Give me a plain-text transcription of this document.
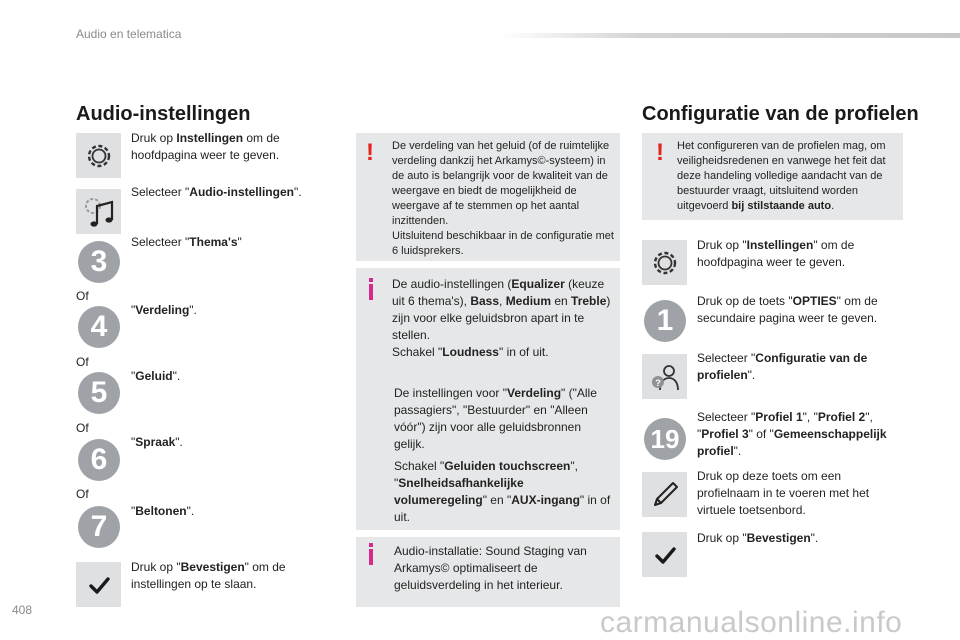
Audio en telematica
Audio-instellingen
Druk op Instellingen om de hoofdpagina weer te geven.
Selecteer "Audio-instellingen".
3
Selecteer "Thema's"
Of
4	"Verdeling".
Of
5	"Geluid".
Of
6
"Spraak".
Of
7	"Beltonen".
Druk op "Bevestigen" om de instellingen op te slaan.
! De verdeling van het geluid (of de ruimtelijke verdeling dankzij het Arkamys©-systeem) in de auto is belangrijk voor de kwaliteit van de weergave en biedt de mogelijkheid de weergave af te stemmen op het aantal inzittenden.
Uitsluitend beschikbaar in de configuratie met 6 luidsprekers.
De audio-instellingen (Equalizer (keuze uit 6 thema's), Bass, Medium en Treble) zijn voor elke geluidsbron apart in te stellen.
Schakel "Loudness" in of uit.
De instellingen voor "Verdeling" ("Alle passagiers", "Bestuurder" en "Alleen vóór") zijn voor alle geluidsbronnen gelijk.
Schakel "Geluiden touchscreen", "Snelheidsafhankelijke volumeregeling" en "AUX-ingang" in of uit.
Audio-installatie: Sound Staging van Arkamys© optimaliseert de geluidsverdeling in het interieur.
Configuratie van de profielen
! Het configureren van de profielen mag, om veiligheidsredenen en vanwege het feit dat deze handeling volledige aandacht van de bestuurder vraagt, uitsluitend worden uitgevoerd bij stilstaande auto.
Druk op "Instellingen" om de hoofdpagina weer te geven.
1
Druk op de toets "OPTIES" om de secundaire pagina weer te geven.
?
Selecteer "Configuratie van de profielen".
19
Selecteer "Profiel 1", "Profiel 2", "Profiel 3" of "Gemeenschappelijk profiel".
Druk op deze toets om een profielnaam in te voeren met het virtuele toetsenbord.
Druk op "Bevestigen".
408	carmanualsonline.info
